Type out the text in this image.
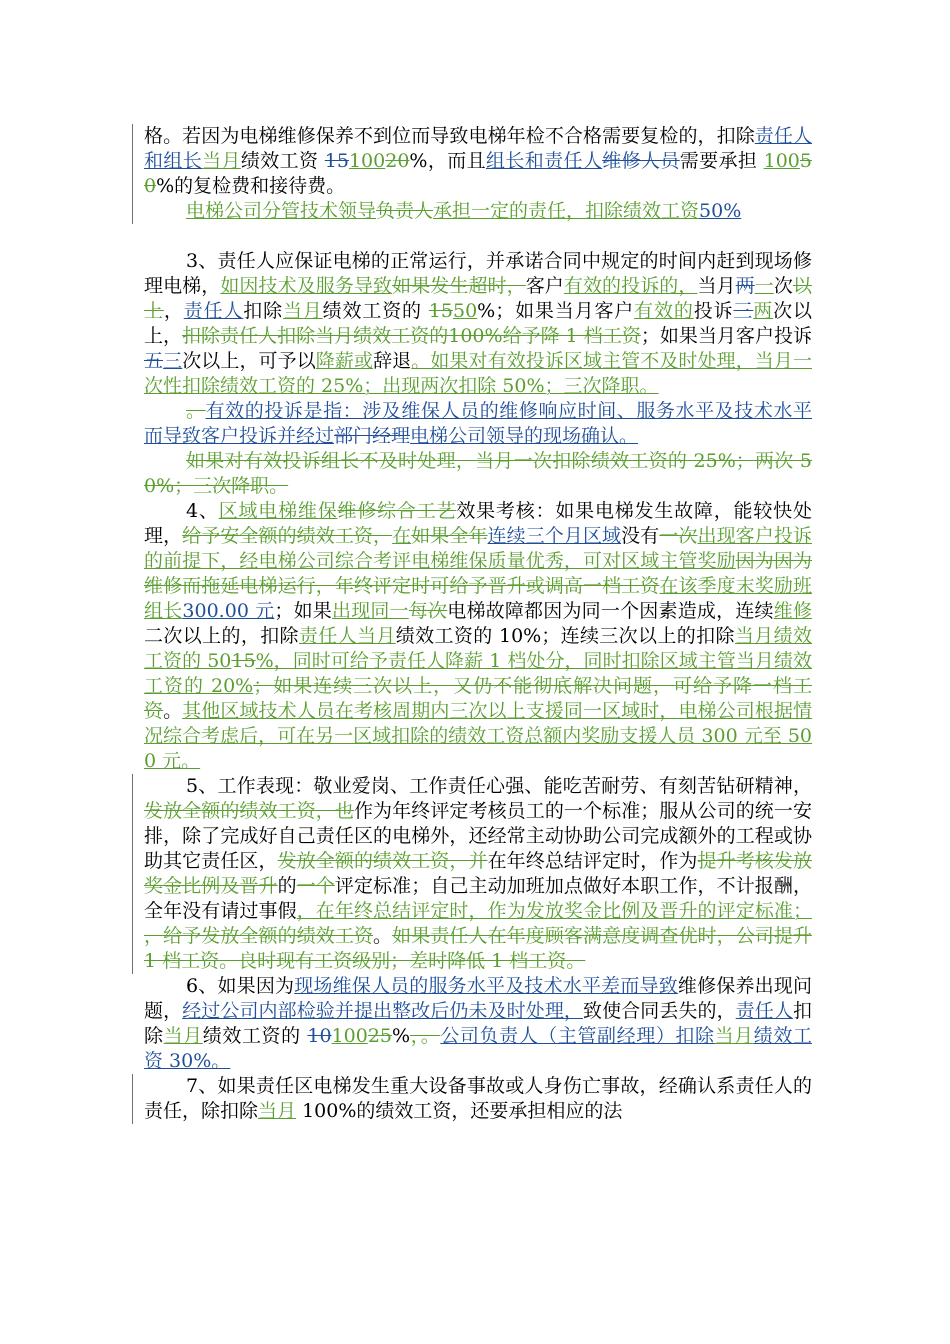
格。若因为电梯维修保养不到位而导致电梯年检不合格需要复检的，扣除责任人和组长当月绩效工资 1510020%，而且组长和责任人维修人员需要承担 10050%的复检费和接待费。

电梯公司分管技术领导负责人承担一定的责任，扣除绩效工资50%

3、责任人应保证电梯的正常运行，并承诺合同中规定的时间内赶到现场修理电梯，如因技术及服务导致如果发生超时，客户有效的投诉的，当月两一次以上，责任人扣除当月绩效工资的 1550%；如果当月客户有效的投诉三两次以上，扣除责任人扣除当月绩效工资的100%给予降 1 档工资；如果当月客户投诉五三次以上，可予以降薪或辞退。如果对有效投诉区域主管不及时处理，当月一次性扣除绩效工资的 25%；出现两次扣除 50%；三次降职。

。有效的投诉是指：涉及维保人员的维修响应时间、服务水平及技术水平而导致客户投诉并经过部门经理电梯公司领导的现场确认。

如果对有效投诉组长不及时处理，当月一次扣除绩效工资的 25%；两次 50%；三次降职。

4、区域电梯维保维修综合工艺效果考核：如果电梯发生故障，能较快处理，给予安全额的绩效工资，在如果全年连续三个月区域没有一次出现客户投诉的前提下，经电梯公司综合考评电梯维保质量优秀，可对区域主管奖励因为因为维修而拖延电梯运行，年终评定时可给予晋升或调高一档工资在该季度末奖励班组长300.00 元；如果出现同一每次电梯故障都因为同一个因素造成，连续维修二次以上的，扣除责任人当月绩效工资的 10%；连续三次以上的扣除当月绩效工资的 5015%，同时可给予责任人降薪 1 档处分，同时扣除区域主管当月绩效工资的 20%；如果连续三次以上，又仍不能彻底解决问题，可给予降一档工资。其他区域技术人员在考核周期内三次以上支援同一区域时，电梯公司根据情况综合考虑后，可在另一区域扣除的绩效工资总额内奖励支援人员 300 元至 500 元。

5、工作表现：敬业爱岗、工作责任心强、能吃苦耐劳、有刻苦钻研精神，发放全额的绩效工资，也作为年终评定考核员工的一个标准；服从公司的统一安排，除了完成好自己责任区的电梯外，还经常主动协助公司完成额外的工程或协助其它责任区，发放全额的绩效工资，并在年终总结评定时，作为提升考核发放奖金比例及晋升的一个评定标准；自己主动加班加点做好本职工作，不计报酬，全年没有请过事假，在年终总结评定时，作为发放奖金比例及晋升的评定标准； ，给予发放全额的绩效工资。如果责任人在年度顾客满意度调查优时，公司提升 1 档工资。良时现有工资级别；差时降低 1 档工资。

6、如果因为现场维保人员的服务水平及技术水平差而导致维修保养出现问题，经过公司内部检验并提出整改后仍未及时处理，致使合同丢失的，责任人扣除当月绩效工资的 1010025%，。公司负责人（主管副经理）扣除当月绩效工资 30%。

7、如果责任区电梯发生重大设备事故或人身伤亡事故，经确认系责任人的责任，除扣除当月 100%的绩效工资，还要承担相应的法
